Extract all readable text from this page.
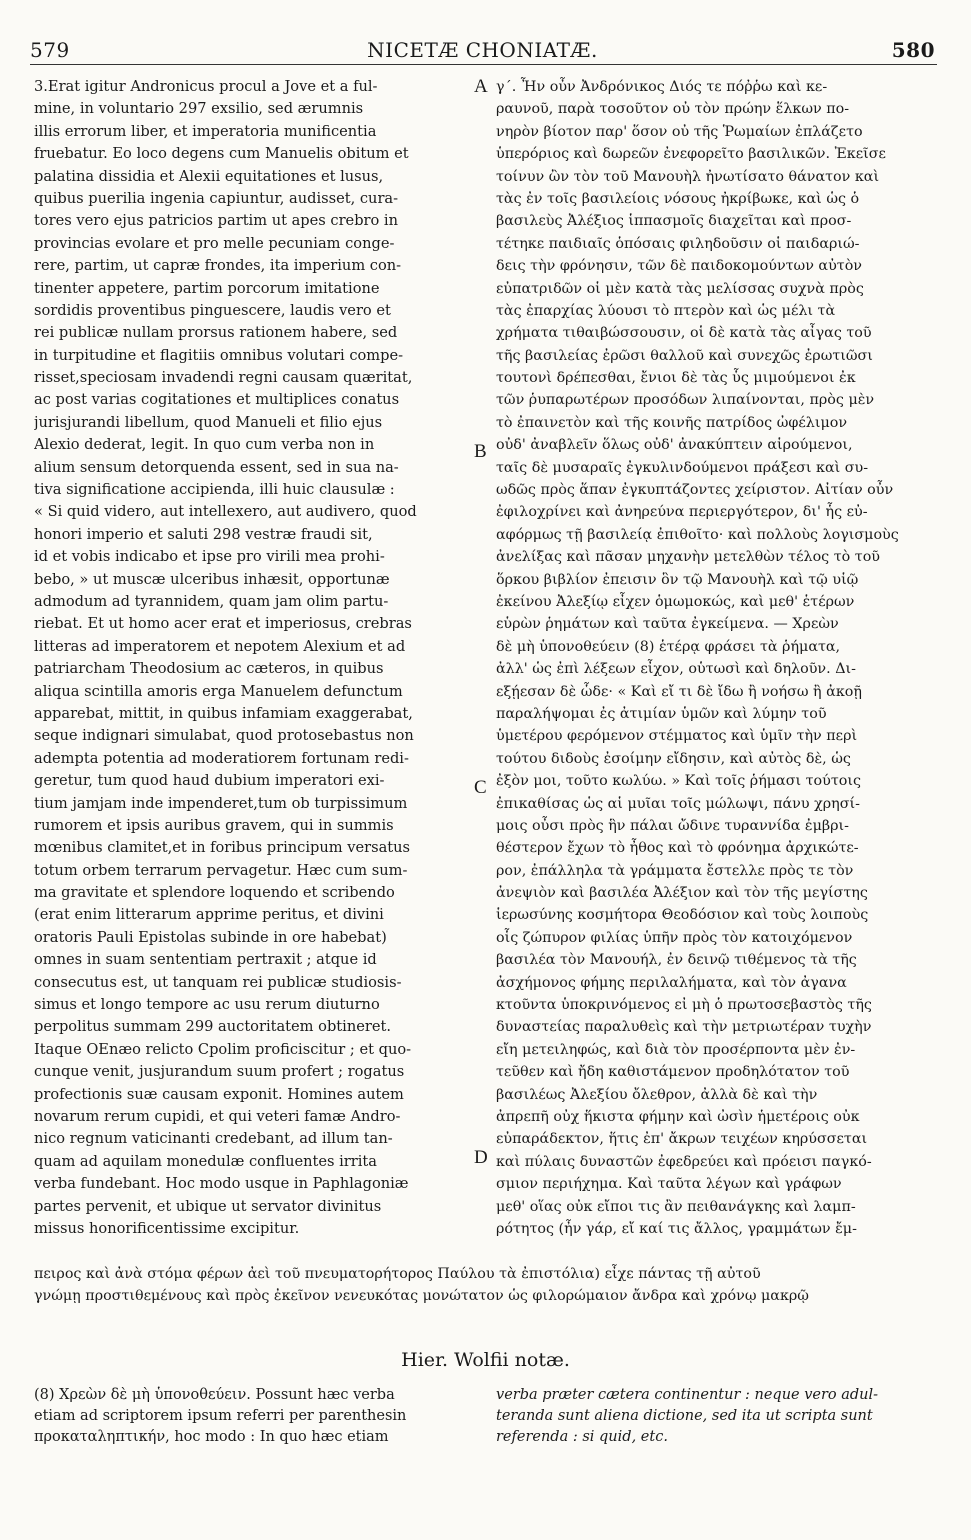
579	NICETÆ CHONIATÆ.	580
3.Erat igitur Andronicus procul a Jove et a ful-
mine, in voluntario 297 exsilio, sed ærumnis
illis errorum liber, et imperatoria munificentia
fruebatur. Eo loco degens cum Manuelis obitum et
palatina dissidia et Alexii equitationes et lusus,
quibus puerilia ingenia capiuntur, audisset, cura-
tores vero ejus patricios partim ut apes crebro in
provincias evolare et pro melle pecuniam conge-
rere, partim, ut capræ frondes, ita imperium con-
tinenter appetere, partim porcorum imitatione
sordidis proventibus pinguescere, laudis vero et
rei publicæ nullam prorsus rationem habere, sed
in turpitudine et flagitiis omnibus volutari compe-
risset,speciosam invadendi regni causam quæritat,
ac post varias cogitationes et multiplices conatus
jurisjurandi libellum, quod Manueli et filio ejus
Alexio dederat, legit. In quo cum verba non in
alium sensum detorquenda essent, sed in sua na-
tiva significatione accipienda, illi huic clausulæ :
« Si quid videro, aut intellexero, aut audivero, quod
honori imperio et saluti 298 vestræ fraudi sit,
id et vobis indicabo et ipse pro virili mea prohi-
bebo, » ut muscæ ulceribus inhæsit, opportunæ
admodum ad tyrannidem, quam jam olim partu-
riebat. Et ut homo acer erat et imperiosus, crebras
litteras ad imperatorem et nepotem Alexium et ad
patriarcham Theodosium ac cæteros, in quibus
aliqua scintilla amoris erga Manuelem defunctum
apparebat, mittit, in quibus infamiam exaggerabat,
seque indignari simulabat, quod protosebastus non
adempta potentia ad moderatiorem fortunam redi-
geretur, tum quod haud dubium imperatori exi-
tium jamjam inde impenderet,tum ob turpissimum
rumorem et ipsis auribus gravem, qui in summis
mœnibus clamitet,et in foribus principum versatus
totum orbem terrarum pervagetur. Hæc cum sum-
ma gravitate et splendore loquendo et scribendo
(erat enim litterarum apprime peritus, et divini
oratoris Pauli Epistolas subinde in ore habebat)
omnes in suam sententiam pertraxit ; atque id
consecutus est, ut tanquam rei publicæ studiosis-
simus et longo tempore ac usu rerum diuturno
perpolitus summam 299 auctoritatem obtineret.
Itaque OEnæo relicto Cpolim proficiscitur ; et quo-
cunque venit, jusjurandum suum profert ; rogatus
profectionis suæ causam exponit. Homines autem
novarum rerum cupidi, et qui veteri famæ Andro-
nico regnum vaticinanti credebant, ad illum tan-
quam ad aquilam monedulæ confluentes irrita
verba fundebant. Hoc modo usque in Paphlagoniæ
partes pervenit, et ubique ut servator divinitus
missus honorificentissime excipitur.
γ΄. Ἦν οὖν Ἀνδρόνικος Διός τε πόῤῥω καὶ κε-
ραυνοῦ, παρὰ τοσοῦτον οὐ τὸν πρώην ἕλκων πο-
νηρὸν βίοτον παρ' ὅσον οὐ τῆς Ῥωμαίων ἐπλάζετο
ὑπερόριος καὶ δωρεῶν ἐνεφορεῖτο βασιλικῶν. Ἐκεῖσε
τοίνυν ὢν τὸν τοῦ Μανουὴλ ἠνωτίσατο θάνατον καὶ
τὰς ἐν τοῖς βασιλείοις νόσους ἠκρίβωκε, καὶ ὡς ὁ
βασιλεὺς Ἀλέξιος ἱππασμοῖς διαχεῖται καὶ προσ-
τέτηκε παιδιαῖς ὁπόσαις φιληδοῦσιν οἱ παιδαριώ-
δεις τὴν φρόνησιν, τῶν δὲ παιδοκομούντων αὐτὸν
εὐπατριδῶν οἱ μὲν κατὰ τὰς μελίσσας συχνὰ πρὸς
τὰς ἐπαρχίας λύουσι τὸ πτερὸν καὶ ὡς μέλι τὰ
χρήματα τιθαιβώσσουσιν, οἱ δὲ κατὰ τὰς αἶγας τοῦ
τῆς βασιλείας ἐρῶσι θαλλοῦ καὶ συνεχῶς ἐρωτιῶσι
τουτονὶ δρέπεσθαι, ἔνιοι δὲ τὰς ὗς μιμούμενοι ἐκ
τῶν ῥυπαρωτέρων προσόδων λιπαίνονται, πρὸς μὲν
τὸ ἐπαινετὸν καὶ τῆς κοινῆς πατρίδος ὠφέλιμον
οὐδ' ἀναβλεῖν ὅλως οὐδ' ἀνακύπτειν αἱρούμενοι,
ταῖς δὲ μυσαραῖς ἐγκυλινδούμενοι πράξεσι καὶ συ-
ωδῶς πρὸς ἅπαν ἐγκυπτάζοντες χείριστον. Αἰτίαν οὖν
ἐφιλοχρίνει καὶ ἀνηρεύνα περιεργότερον, δι' ἧς εὐ-
αφόρμως τῇ βασιλείᾳ ἐπιθοῖτο· καὶ πολλοὺς λογισμοὺς
ἀνελίξας καὶ πᾶσαν μηχανὴν μετελθὼν τέλος τὸ τοῦ
ὅρκου βιβλίον ἐπεισιν ὃν τῷ Μανουὴλ καὶ τῷ υἱῷ
ἐκείνου Ἀλεξίῳ εἶχεν ὁμωμοκώς, καὶ μεθ' ἑτέρων
εὑρὼν ῥημάτων καὶ ταῦτα ἐγκείμενα. — Χρεὼν
δὲ μὴ ὑπονοθεύειν (8) ἑτέρᾳ φράσει τὰ ῥήματα,
ἀλλ' ὡς ἐπὶ λέξεων εἶχον, οὑτωσὶ καὶ δηλοῦν. Δι-
εξῄεσαν δὲ ὧδε· « Καὶ εἴ τι δὲ ἴδω ἢ νοήσω ἢ ἀκοῇ
παραλήψομαι ἐς ἀτιμίαν ὑμῶν καὶ λύμην τοῦ
ὑμετέρου φερόμενον στέμματος καὶ ὑμῖν τὴν περὶ
τούτου διδοὺς ἐσοίμην εἴδησιν, καὶ αὐτὸς δὲ, ὡς
ἐξὸν μοι, τοῦτο κωλύω. » Καὶ τοῖς ῥήμασι τούτοις
ἐπικαθίσας ὡς αἱ μυῖαι τοῖς μώλωψι, πάνυ χρησί-
μοις οὖσι πρὸς ἣν πάλαι ὤδινε τυραννίδα ἐμβρι-
θέστερον ἔχων τὸ ἦθος καὶ τὸ φρόνημα ἀρχικώτε-
ρον, ἐπάλληλα τὰ γράμματα ἔστελλε πρὸς τε τὸν
ἀνεψιὸν καὶ βασιλέα Ἀλέξιον καὶ τὸν τῆς μεγίστης
ἱερωσύνης κοσμήτορα Θεοδόσιον καὶ τοὺς λοιποὺς
οἷς ζώπυρον φιλίας ὑπῆν πρὸς τὸν κατοιχόμενον
βασιλέα τὸν Μανουήλ, ἐν δεινῷ τιθέμενος τὰ τῆς
ἀσχήμονος φήμης περιλαλήματα, καὶ τὸν ἀγανα
κτοῦντα ὑποκρινόμενος εἰ μὴ ὁ πρωτοσεβαστὸς τῆς
δυναστείας παραλυθεὶς καὶ τὴν μετριωτέραν τυχὴν
εἴη μετειληφώς, καὶ διὰ τὸν προσέρποντα μὲν ἐν-
τεῦθεν καὶ ἤδη καθιστάμενον προδηλότατον τοῦ
βασιλέως Ἀλεξίου ὄλεθρον, ἀλλὰ δὲ καὶ τὴν
ἀπρεπῆ οὐχ ἥκιστα φήμην καὶ ὠσὶν ἡμετέροις οὐκ
εὐπαράδεκτον, ἥτις ἐπ' ἄκρων τειχέων κηρύσσεται
καὶ πύλαις δυναστῶν ἐφεδρεύει καὶ πρόεισι παγκό-
σμιον περιήχημα. Καὶ ταῦτα λέγων καὶ γράφων
μεθ' οἵας οὐκ εἴποι τις ἂν πειθανάγκης καὶ λαμπ-
ρότητος (ἦν γάρ, εἴ καί τις ἄλλος, γραμμάτων ἔμ-
A
B
C
D
πειρος καὶ ἀνὰ στόμα φέρων ἀεὶ τοῦ πνευματορήτορος Παύλου τὰ ἐπιστόλια) εἶχε πάντας τῇ αὐτοῦ
γνώμῃ προστιθεμένους καὶ πρὸς ἐκεῖνον νενευκότας μονώτατον ὡς φιλορώμαιον ἄνδρα καὶ χρόνῳ μακρῷ
Hier. Wolfii notæ.
(8) Χρεὼν δὲ μὴ ὑπονοθεύειν. Possunt hæc verba
etiam ad scriptorem ipsum referri per parenthesin
προκαταληπτικήν, hoc modo : In quo hæc etiam
verba præter cætera continentur : neque vero adul-
teranda sunt aliena dictione, sed ita ut scripta sunt
referenda : si quid, etc.
